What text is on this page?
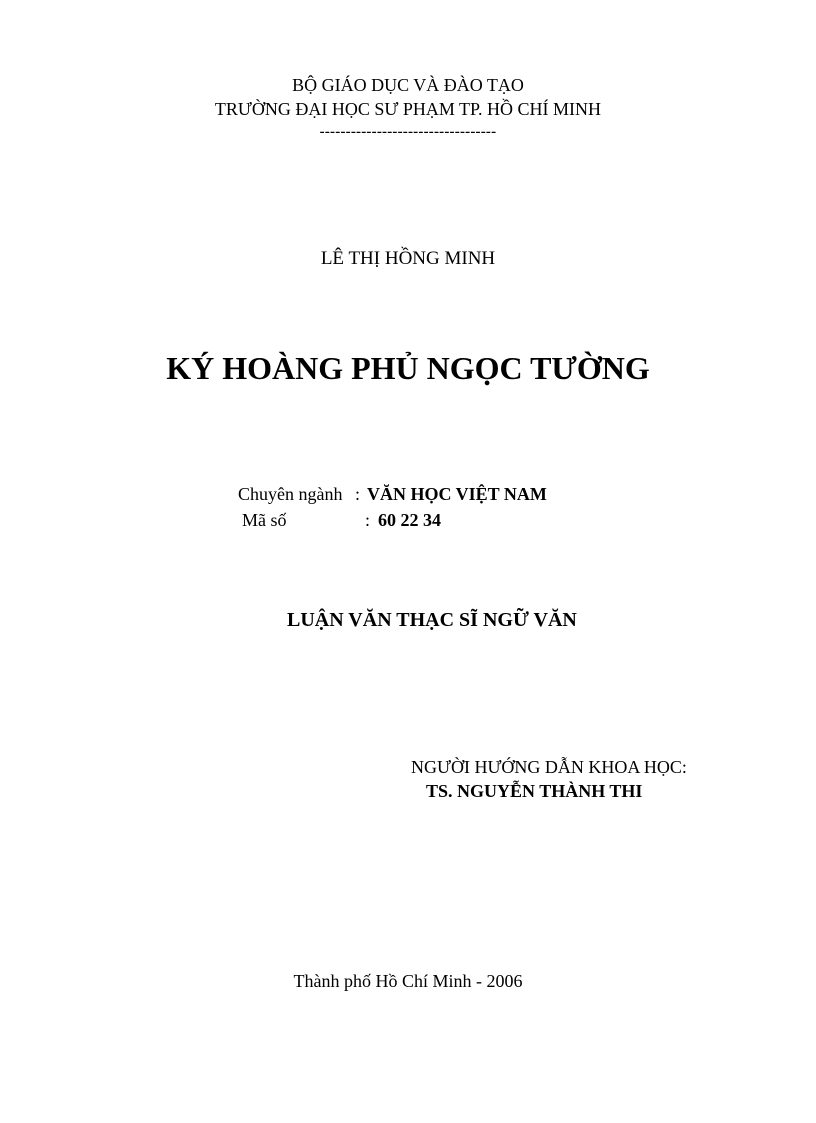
BỘ GIÁO DỤC VÀ ĐÀO TẠO
TRƯỜNG ĐẠI HỌC SƯ PHẠM TP. HỒ CHÍ MINH
----------------------------------
LÊ THỊ HỒNG MINH
KÝ HOÀNG PHỦ NGỌC TƯỜNG
Chuyên ngành : VĂN HỌC VIỆT NAM
Mã số	: 60 22 34
LUẬN VĂN THẠC SĨ NGỮ VĂN
NGƯỜI HƯỚNG DẪN KHOA HỌC:
TS. NGUYỄN THÀNH THI
Thành phố Hồ Chí Minh - 2006
